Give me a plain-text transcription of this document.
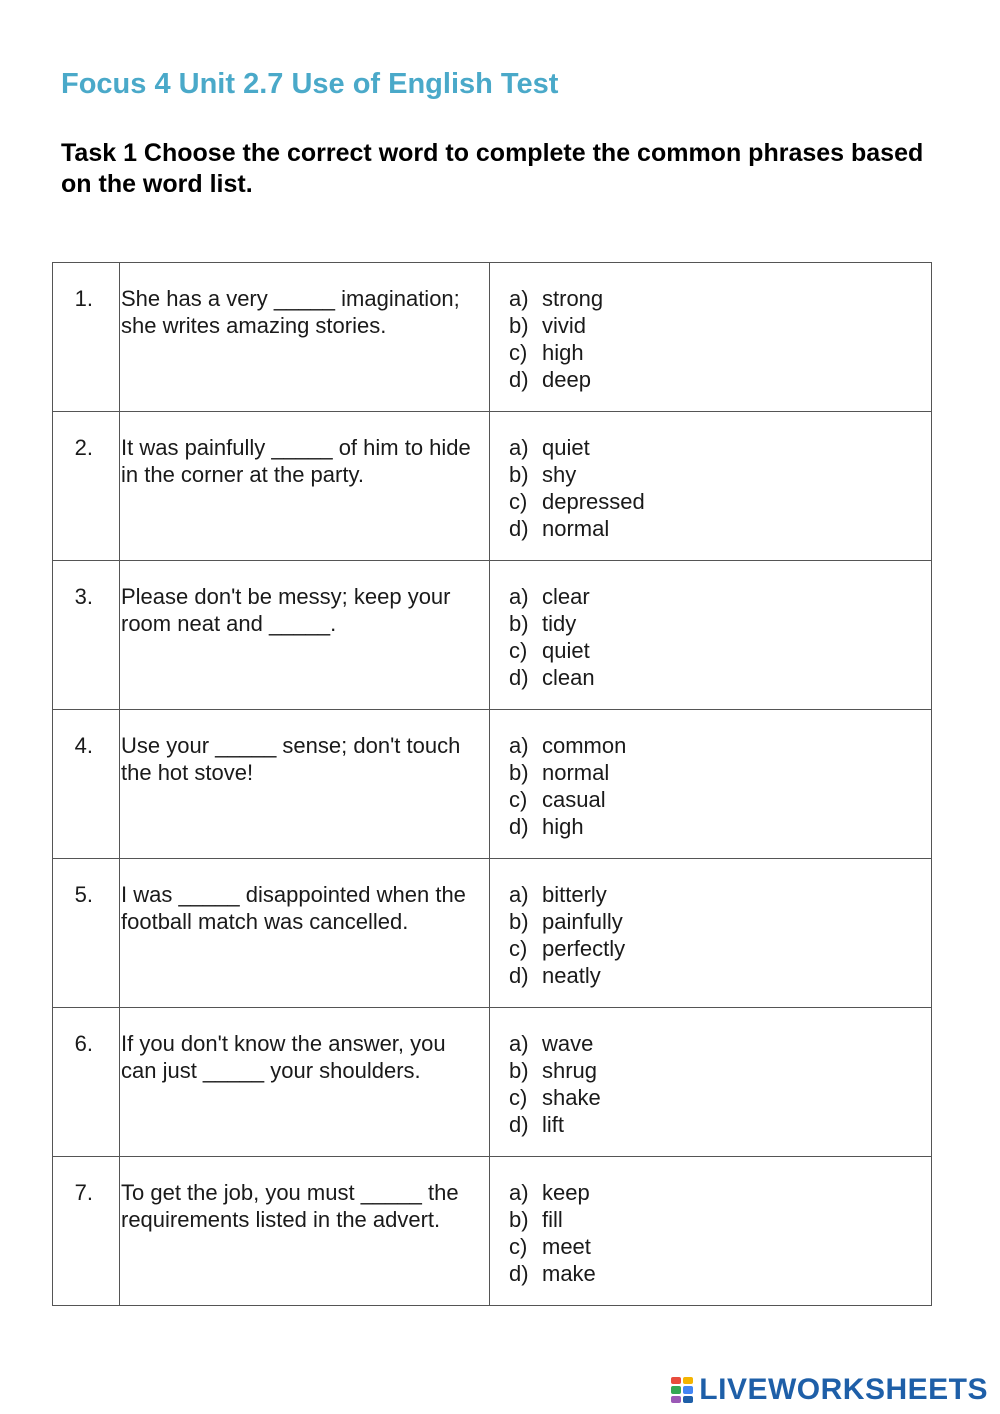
Focus 4 Unit 2.7 Use of English Test
Task 1 Choose the correct word to complete the common phrases based on the word list.
1.	She has a very _____ imagination; she writes amazing stories.	a) strong
b) vivid
c) high
d) deep

2.	It was painfully _____ of him to hide in the corner at the party.	a) quiet
b) shy
c) depressed
d) normal

3.	Please don't be messy; keep your room neat and _____.	a) clear
b) tidy
c) quiet
d) clean

4.	Use your _____ sense; don't touch the hot stove!	a) common
b) normal
c) casual
d) high

5.	I was _____ disappointed when the football match was cancelled.	a) bitterly
b) painfully
c) perfectly
d) neatly

6.	If you don't know the answer, you can just _____ your shoulders.	a) wave
b) shrug
c) shake
d) lift

7.	To get the job, you must _____ the requirements listed in the advert.	a) keep
b) fill
c) meet
d) make
LIVEWORKSHEETS
